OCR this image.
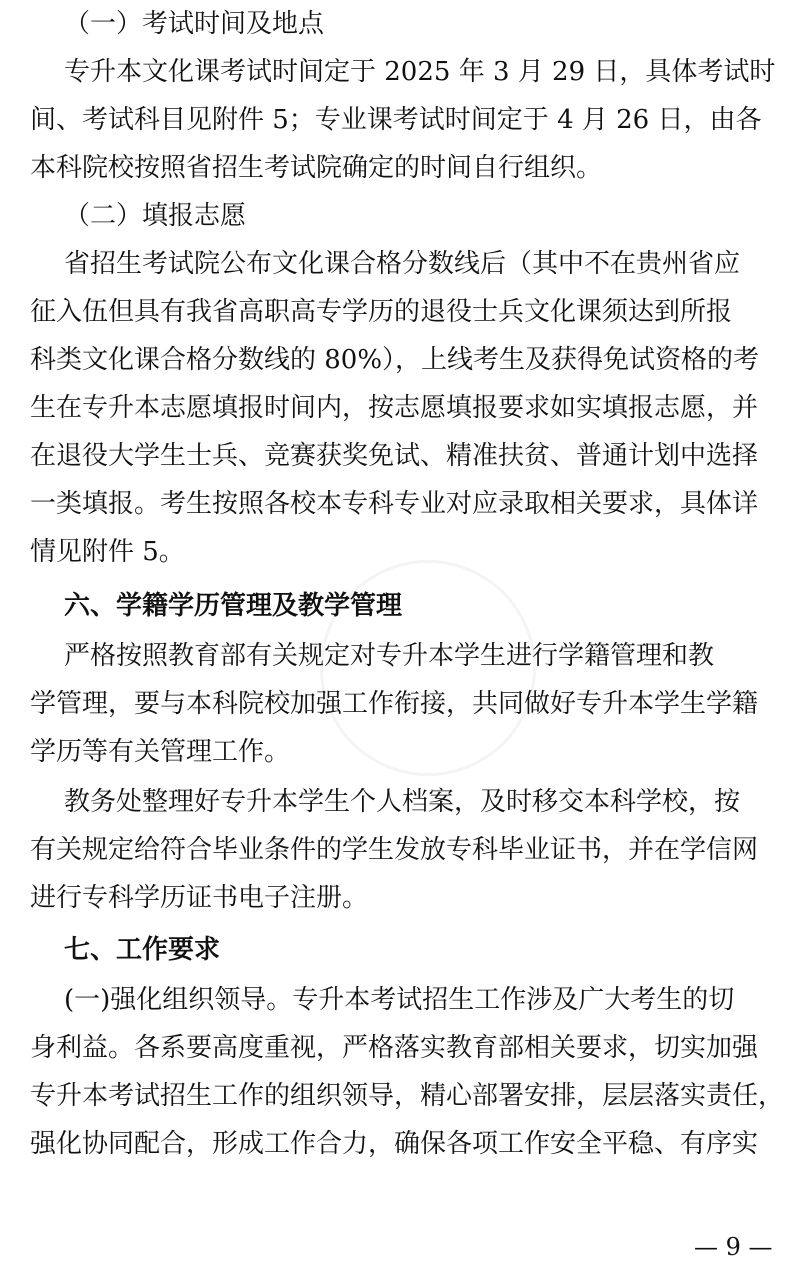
（一）考试时间及地点
专升本文化课考试时间定于 2025 年 3 月 29 日，具体考试时
间、考试科目见附件 5；专业课考试时间定于 4 月 26 日，由各
本科院校按照省招生考试院确定的时间自行组织。
（二）填报志愿
省招生考试院公布文化课合格分数线后（其中不在贵州省应
征入伍但具有我省高职高专学历的退役士兵文化课须达到所报
科类文化课合格分数线的 80%），上线考生及获得免试资格的考
生在专升本志愿填报时间内，按志愿填报要求如实填报志愿，并
在退役大学生士兵、竞赛获奖免试、精准扶贫、普通计划中选择
一类填报。考生按照各校本专科专业对应录取相关要求，具体详
情见附件 5。
六、学籍学历管理及教学管理
严格按照教育部有关规定对专升本学生进行学籍管理和教
学管理，要与本科院校加强工作衔接，共同做好专升本学生学籍
学历等有关管理工作。
教务处整理好专升本学生个人档案，及时移交本科学校，按
有关规定给符合毕业条件的学生发放专科毕业证书，并在学信网
进行专科学历证书电子注册。
七、工作要求
(一)强化组织领导。专升本考试招生工作涉及广大考生的切
身利益。各系要高度重视，严格落实教育部相关要求，切实加强
专升本考试招生工作的组织领导，精心部署安排，层层落实责任，
强化协同配合，形成工作合力，确保各项工作安全平稳、有序实
— 9 —
